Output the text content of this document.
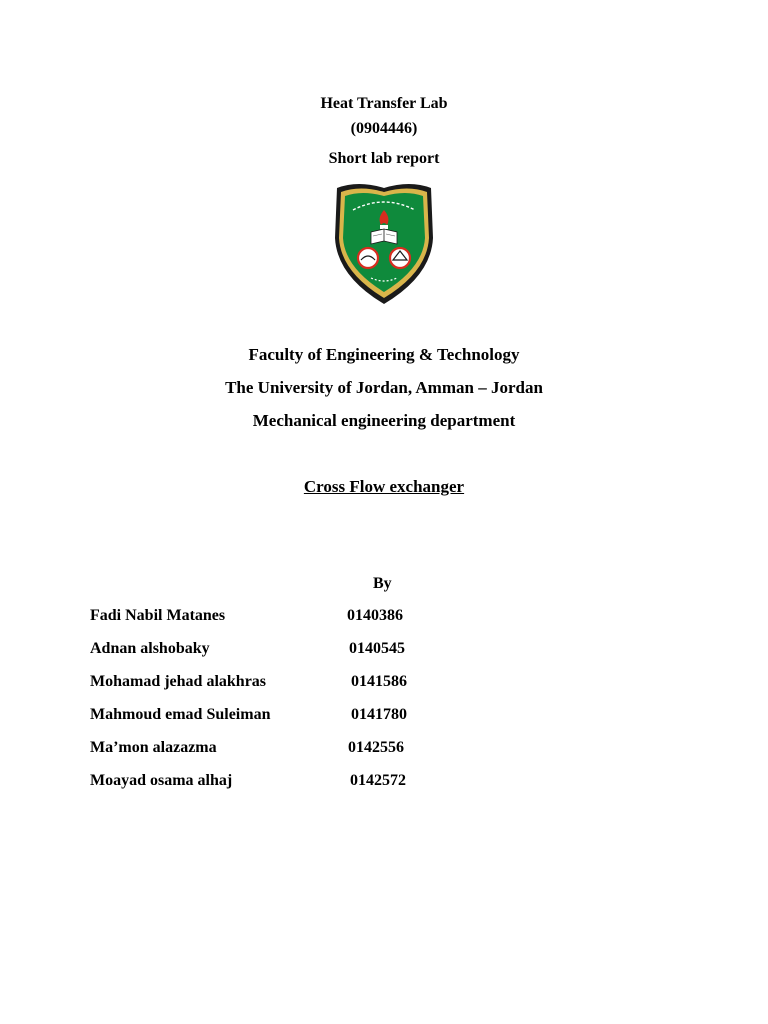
Heat Transfer Lab
(0904446)
Short lab report
Faculty of Engineering & Technology
The University of Jordan, Amman – Jordan
Mechanical engineering department
Cross Flow exchanger
By
Fadi Nabil Matanes	0140386
Adnan alshobaky	0140545
Mohamad jehad alakhras	0141586
Mahmoud emad Suleiman	0141780
Ma’mon alazazma	0142556
Moayad osama alhaj	0142572
